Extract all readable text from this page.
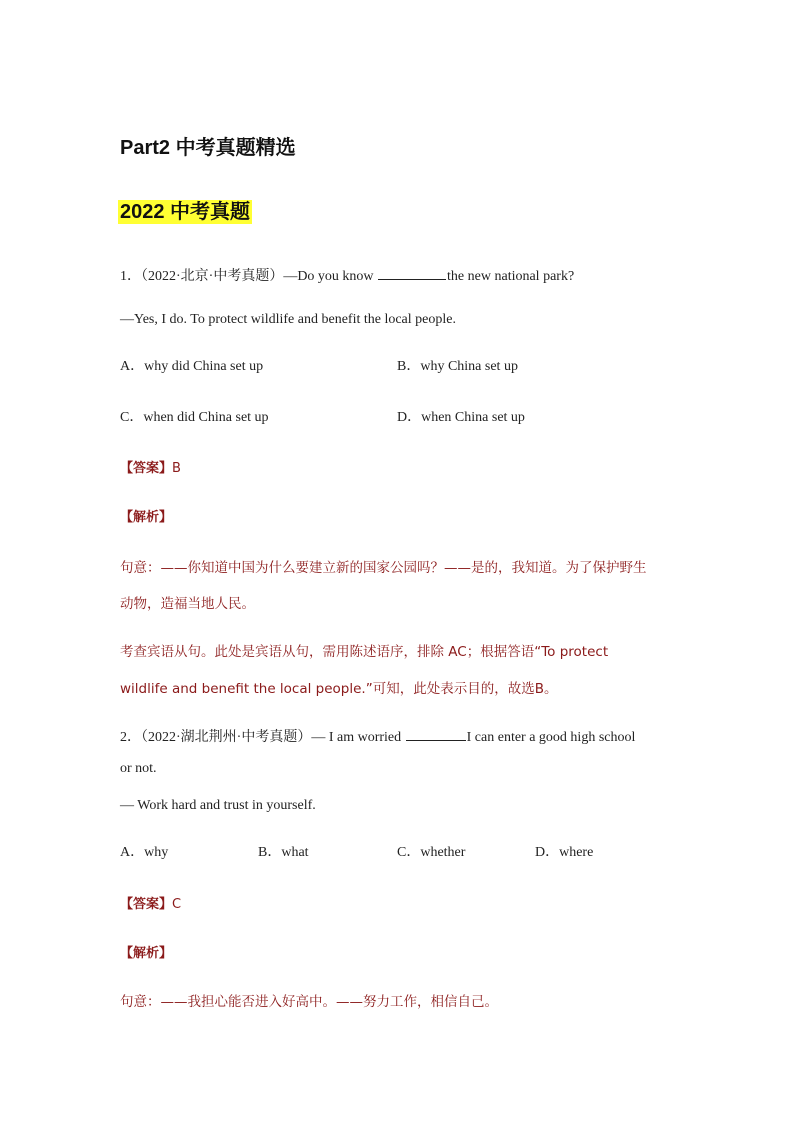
Part2 中考真题精选
2022 中考真题
1．（2022·北京·中考真题）—Do you know	the new national park?
—Yes, I do. To protect wildlife and benefit the local people.
A．why did China set up	B．why China set up
C．when did China set up	D．when China set up
【答案】B
【解析】
句意：——你知道中国为什么要建立新的国家公园吗？——是的，我知道。为了保护野生
动物，造福当地人民。
考查宾语从句。此处是宾语从句，需用陈述语序，排除 AC；根据答语“To protect
wildlife and benefit the local people.”可知，此处表示目的，故选B。
2．（2022·湖北荆州·中考真题）— I am worried	I can enter a good high school
or not.
— Work hard and trust in yourself.
A．why	B．what	C．whether	D．where
【答案】C
【解析】
句意：——我担心能否进入好高中。——努力工作，相信自己。
